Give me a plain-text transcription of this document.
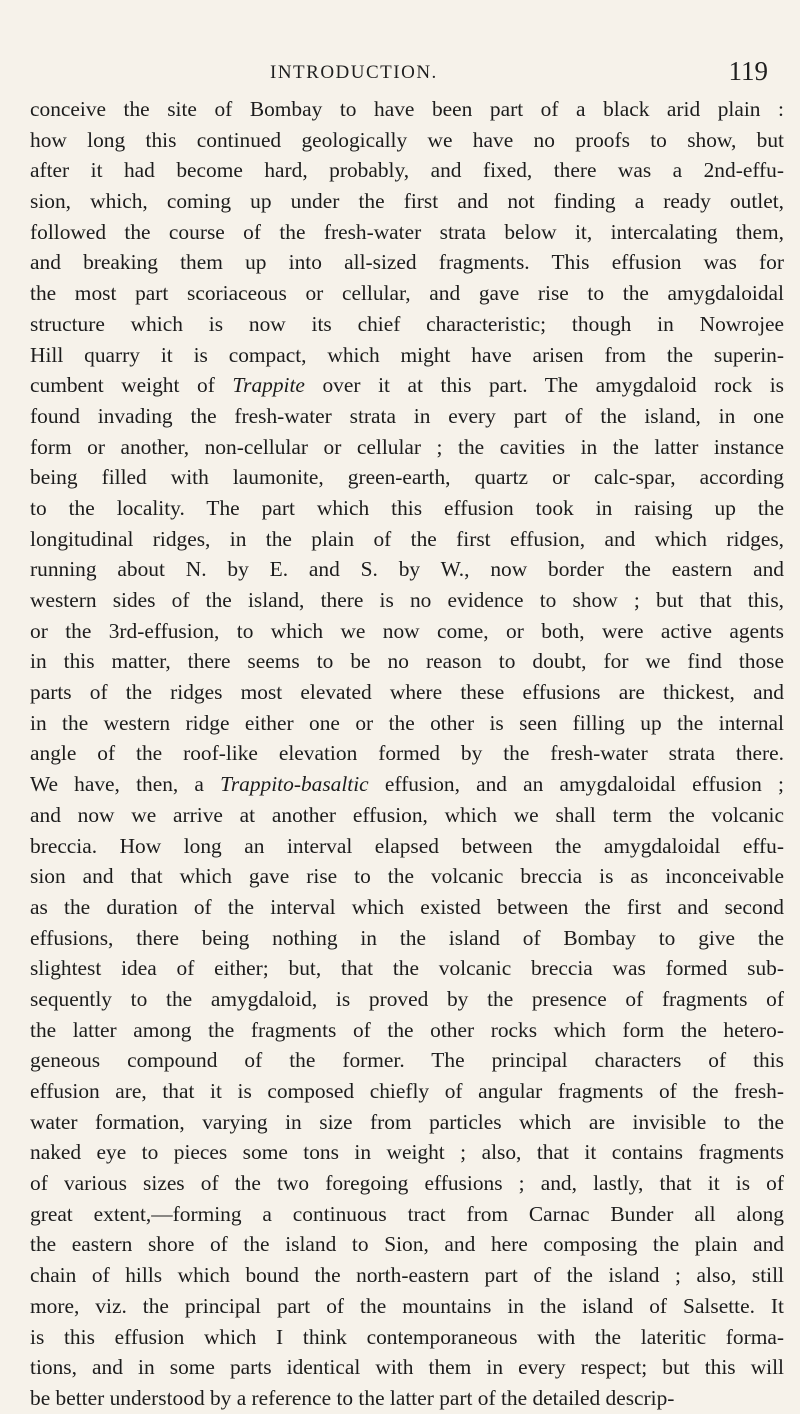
INTRODUCTION.	119
conceive the site of Bombay to have been part of a black arid plain :
how long this continued geologically we have no proofs to show, but
after it had become hard, probably, and fixed, there was a 2nd-effu-
sion, which, coming up under the first and not finding a ready outlet,
followed the course of the fresh-water strata below it, intercalating them,
and breaking them up into all-sized fragments. This effusion was for
the most part scoriaceous or cellular, and gave rise to the amygdaloidal
structure which is now its chief characteristic; though in Nowrojee
Hill quarry it is compact, which might have arisen from the superin-
cumbent weight of Trappite over it at this part. The amygdaloid rock is
found invading the fresh-water strata in every part of the island, in one
form or another, non-cellular or cellular ; the cavities in the latter instance
being filled with laumonite, green-earth, quartz or calc-spar, according
to the locality. The part which this effusion took in raising up the
longitudinal ridges, in the plain of the first effusion, and which ridges,
running about N. by E. and S. by W., now border the eastern and
western sides of the island, there is no evidence to show ; but that this,
or the 3rd-effusion, to which we now come, or both, were active agents
in this matter, there seems to be no reason to doubt, for we find those
parts of the ridges most elevated where these effusions are thickest, and
in the western ridge either one or the other is seen filling up the internal
angle of the roof-like elevation formed by the fresh-water strata there.
We have, then, a Trappito-basaltic effusion, and an amygdaloidal effusion ;
and now we arrive at another effusion, which we shall term the volcanic
breccia. How long an interval elapsed between the amygdaloidal effu-
sion and that which gave rise to the volcanic breccia is as inconceivable
as the duration of the interval which existed between the first and second
effusions, there being nothing in the island of Bombay to give the
slightest idea of either; but, that the volcanic breccia was formed sub-
sequently to the amygdaloid, is proved by the presence of fragments of
the latter among the fragments of the other rocks which form the hetero-
geneous compound of the former. The principal characters of this
effusion are, that it is composed chiefly of angular fragments of the fresh-
water formation, varying in size from particles which are invisible to the
naked eye to pieces some tons in weight ; also, that it contains fragments
of various sizes of the two foregoing effusions ; and, lastly, that it is of
great extent,—forming a continuous tract from Carnac Bunder all along
the eastern shore of the island to Sion, and here composing the plain and
chain of hills which bound the north-eastern part of the island ; also, still
more, viz. the principal part of the mountains in the island of Salsette. It
is this effusion which I think contemporaneous with the lateritic forma-
tions, and in some parts identical with them in every respect; but this will
be better understood by a reference to the latter part of the detailed descrip-
